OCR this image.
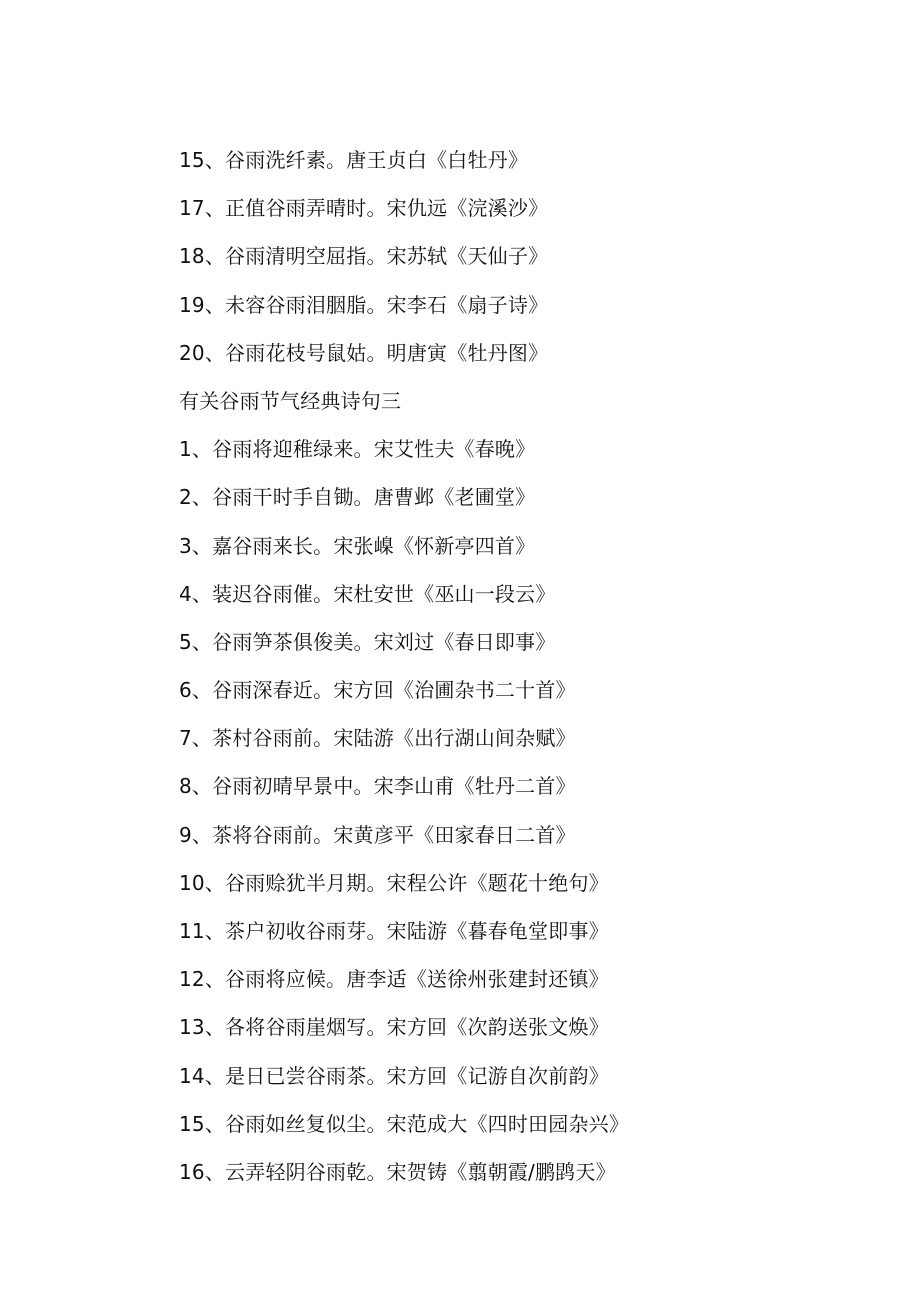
15、谷雨洗纤素。唐王贞白《白牡丹》
17、正值谷雨弄晴时。宋仇远《浣溪沙》
18、谷雨清明空屈指。宋苏轼《天仙子》
19、未容谷雨泪胭脂。宋李石《扇子诗》
20、谷雨花枝号鼠姑。明唐寅《牡丹图》
有关谷雨节气经典诗句三
1、谷雨将迎稚绿来。宋艾性夫《春晚》
2、谷雨干时手自锄。唐曹邺《老圃堂》
3、嘉谷雨来长。宋张嵲《怀新亭四首》
4、装迟谷雨催。宋杜安世《巫山一段云》
5、谷雨笋茶俱俊美。宋刘过《春日即事》
6、谷雨深春近。宋方回《治圃杂书二十首》
7、茶村谷雨前。宋陆游《出行湖山间杂赋》
8、谷雨初晴早景中。宋李山甫《牡丹二首》
9、茶将谷雨前。宋黄彦平《田家春日二首》
10、谷雨赊犹半月期。宋程公许《题花十绝句》
11、茶户初收谷雨芽。宋陆游《暮春龟堂即事》
12、谷雨将应候。唐李适《送徐州张建封还镇》
13、各将谷雨崖烟写。宋方回《次韵送张文焕》
14、是日已尝谷雨茶。宋方回《记游自次前韵》
15、谷雨如丝复似尘。宋范成大《四时田园杂兴》
16、云弄轻阴谷雨乾。宋贺铸《翦朝霞/鹏鹍天》
